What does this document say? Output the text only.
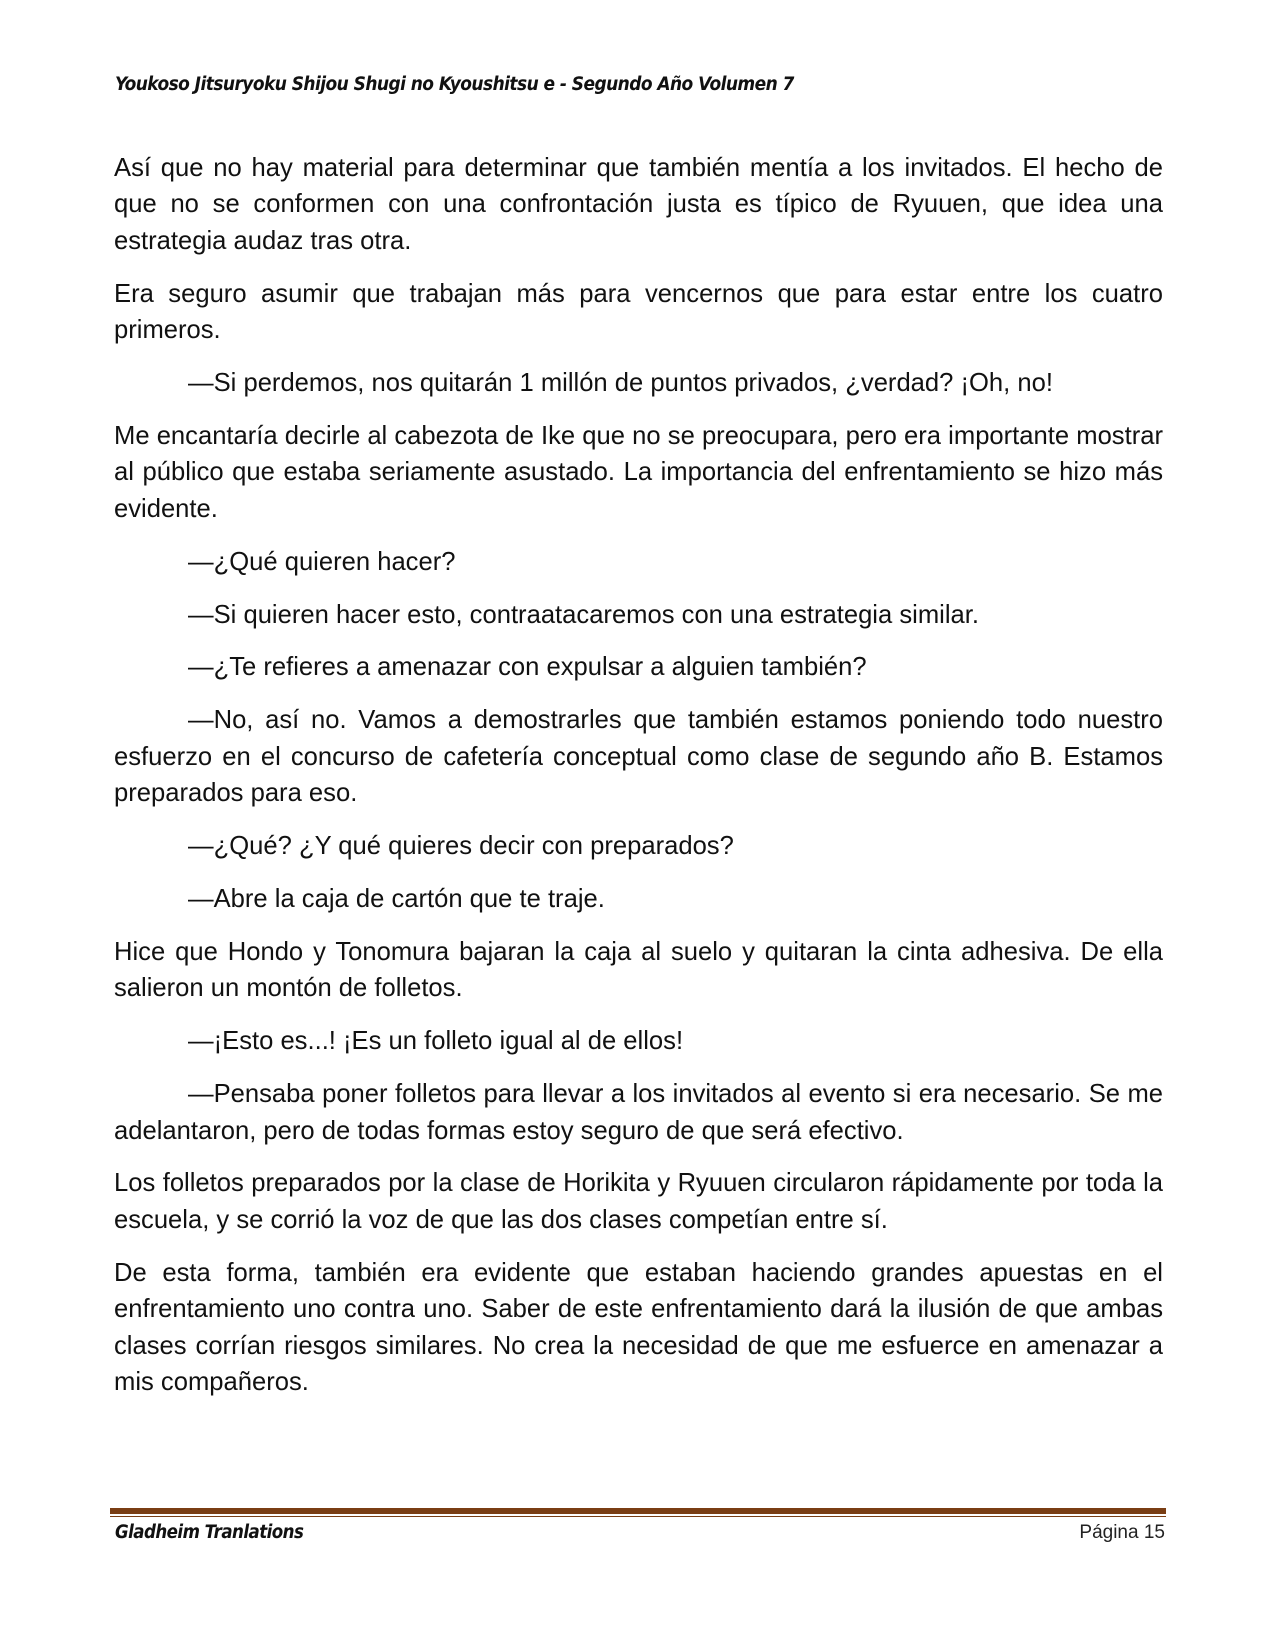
Youkoso Jitsuryoku Shijou Shugi no Kyoushitsu e - Segundo Año Volumen 7

Así que no hay material para determinar que también mentía a los invitados. El hecho de que no se conformen con una confrontación justa es típico de Ryuuen, que idea una estrategia audaz tras otra.

Era seguro asumir que trabajan más para vencernos que para estar entre los cuatro primeros.

—Si perdemos, nos quitarán 1 millón de puntos privados, ¿verdad? ¡Oh, no!

Me encantaría decirle al cabezota de Ike que no se preocupara, pero era importante mostrar al público que estaba seriamente asustado. La importancia del enfrentamiento se hizo más evidente.

—¿Qué quieren hacer?

—Si quieren hacer esto, contraatacaremos con una estrategia similar.

—¿Te refieres a amenazar con expulsar a alguien también?

—No, así no. Vamos a demostrarles que también estamos poniendo todo nuestro esfuerzo en el concurso de cafetería conceptual como clase de segundo año B. Estamos preparados para eso.

—¿Qué? ¿Y qué quieres decir con preparados?

—Abre la caja de cartón que te traje.

Hice que Hondo y Tonomura bajaran la caja al suelo y quitaran la cinta adhesiva. De ella salieron un montón de folletos.

—¡Esto es...! ¡Es un folleto igual al de ellos!

—Pensaba poner folletos para llevar a los invitados al evento si era necesario. Se me adelantaron, pero de todas formas estoy seguro de que será efectivo.

Los folletos preparados por la clase de Horikita y Ryuuen circularon rápidamente por toda la escuela, y se corrió la voz de que las dos clases competían entre sí.

De esta forma, también era evidente que estaban haciendo grandes apuestas en el enfrentamiento uno contra uno. Saber de este enfrentamiento dará la ilusión de que ambas clases corrían riesgos similares. No crea la necesidad de que me esfuerce en amenazar a mis compañeros.

Gladheim Tranlations	Página 15
